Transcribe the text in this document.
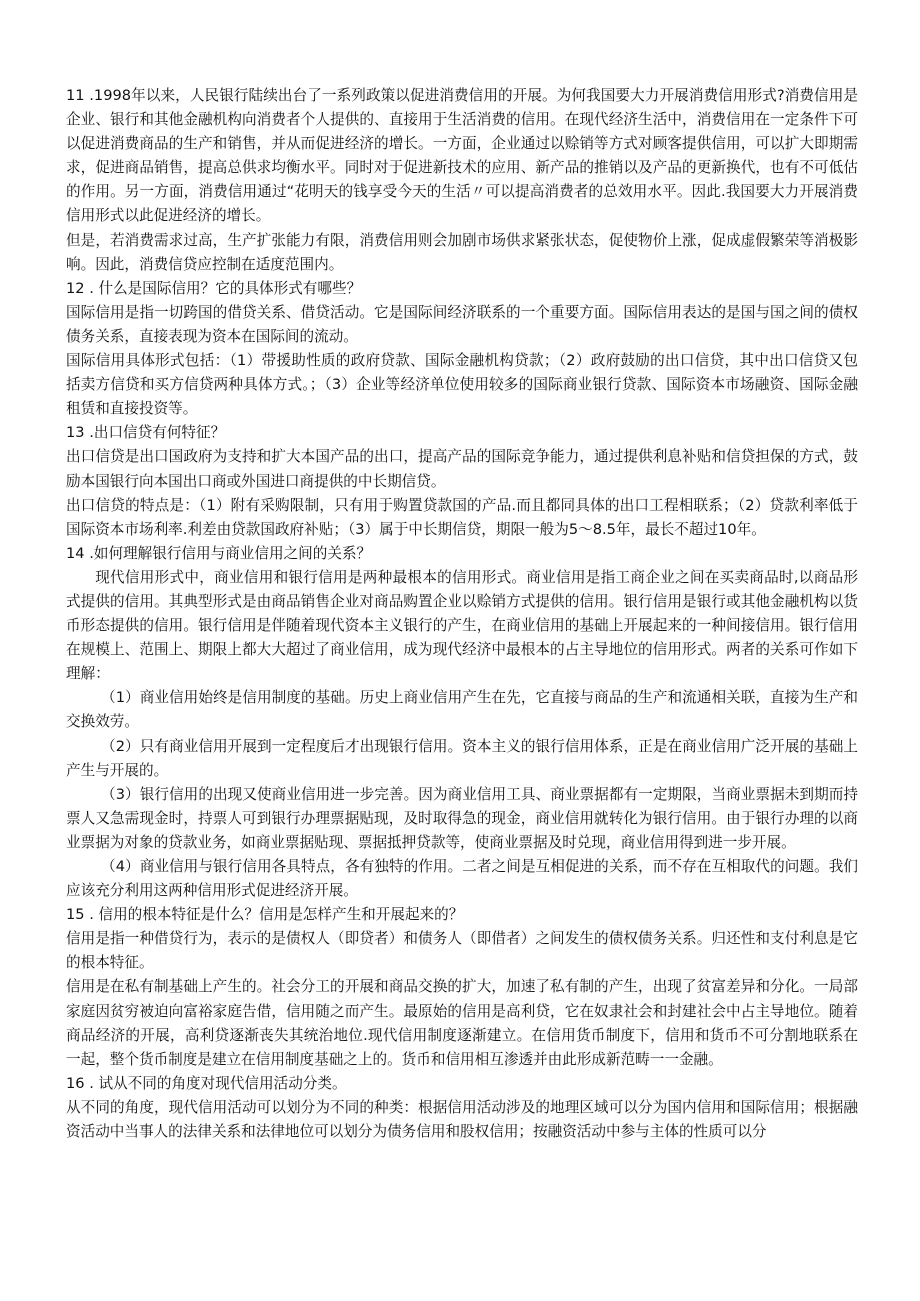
11 .1998年以来，人民银行陆续出台了一系列政策以促进消费信用的开展。为何我国要大力开展消费信用形式?消费信用是企业、银行和其他金融机构向消费者个人提供的、直接用于生活消费的信用。在现代经济生活中，消费信用在一定条件下可以促进消费商品的生产和销售，并从而促进经济的增长。一方面，企业通过以赊销等方式对顾客提供信用，可以扩大即期需求，促进商品销售，提高总供求均衡水平。同时对于促进新技术的应用、新产品的推销以及产品的更新换代，也有不可低估的作用。另一方面，消费信用通过“花明天的钱享受今天的生活〃可以提高消费者的总效用水平。因此.我国要大力开展消费信用形式以此促进经济的增长。

但是，若消费需求过高，生产扩张能力有限，消费信用则会加剧市场供求紧张状态，促使物价上涨，促成虚假繁荣等消极影响。因此，消费信贷应控制在适度范围内。

12 . 什么是国际信用？它的具体形式有哪些？

国际信用是指一切跨国的借贷关系、借贷活动。它是国际间经济联系的一个重要方面。国际信用表达的是国与国之间的债权债务关系，直接表现为资本在国际间的流动。

国际信用具体形式包括：（1）带援助性质的政府贷款、国际金融机构贷款；（2）政府鼓励的出口信贷，其中出口信贷又包括卖方信贷和买方信贷两种具体方式。；（3）企业等经济单位使用较多的国际商业银行贷款、国际资本市场融资、国际金融租赁和直接投资等。

13 .出口信贷有何特征？

出口信贷是出口国政府为支持和扩大本国产品的出口，提高产品的国际竞争能力，通过提供利息补贴和信贷担保的方式，鼓励本国银行向本国出口商或外国进口商提供的中长期信贷。

出口信贷的特点是：（1）附有采购限制，只有用于购置贷款国的产品.而且都同具体的出口工程相联系；（2）贷款利率低于国际资本市场利率.利差由贷款国政府补贴；（3）属于中长期信贷，期限一般为5〜8.5年，最长不超过10年。

14 .如何理解银行信用与商业信用之间的关系？

现代信用形式中，商业信用和银行信用是两种最根本的信用形式。商业信用是指工商企业之间在买卖商品时,以商品形式提供的信用。其典型形式是由商品销售企业对商品购置企业以赊销方式提供的信用。银行信用是银行或其他金融机构以货币形态提供的信用。银行信用是伴随着现代资本主义银行的产生，在商业信用的基础上开展起来的一种间接信用。银行信用在规模上、范围上、期限上都大大超过了商业信用，成为现代经济中最根本的占主导地位的信用形式。两者的关系可作如下理解：

（1）商业信用始终是信用制度的基础。历史上商业信用产生在先，它直接与商品的生产和流通相关联，直接为生产和交换效劳。

（2）只有商业信用开展到一定程度后才出现银行信用。资本主义的银行信用体系，正是在商业信用广泛开展的基础上产生与开展的。

（3）银行信用的出现又使商业信用进一步完善。因为商业信用工具、商业票据都有一定期限，当商业票据未到期而持票人又急需现金时，持票人可到银行办理票据贴现，及时取得急的现金，商业信用就转化为银行信用。由于银行办理的以商业票据为对象的贷款业务，如商业票据贴现、票据抵押贷款等，使商业票据及时兑现，商业信用得到进一步开展。

（4）商业信用与银行信用各具特点，各有独特的作用。二者之间是互相促进的关系，而不存在互相取代的问题。我们应该充分利用这两种信用形式促进经济开展。

15 . 信用的根本特征是什么？信用是怎样产生和开展起来的？

信用是指一种借贷行为，表示的是债权人（即贷者）和债务人（即借者）之间发生的债权债务关系。归还性和支付利息是它的根本特征。

信用是在私有制基础上产生的。社会分工的开展和商品交换的扩大，加速了私有制的产生，出现了贫富差异和分化。一局部家庭因贫穷被迫向富裕家庭告借，信用随之而产生。最原始的信用是高利贷，它在奴隶社会和封建社会中占主导地位。随着商品经济的开展，高利贷逐渐丧失其统治地位.现代信用制度逐渐建立。在信用货币制度下，信用和货币不可分割地联系在一起，整个货币制度是建立在信用制度基础之上的。货币和信用相互渗透并由此形成新范畴一一金融。

16 . 试从不同的角度对现代信用活动分类。

从不同的角度，现代信用活动可以划分为不同的种类：根据信用活动涉及的地理区域可以分为国内信用和国际信用；根据融资活动中当事人的法律关系和法律地位可以划分为债务信用和股权信用；按融资活动中参与主体的性质可以分
